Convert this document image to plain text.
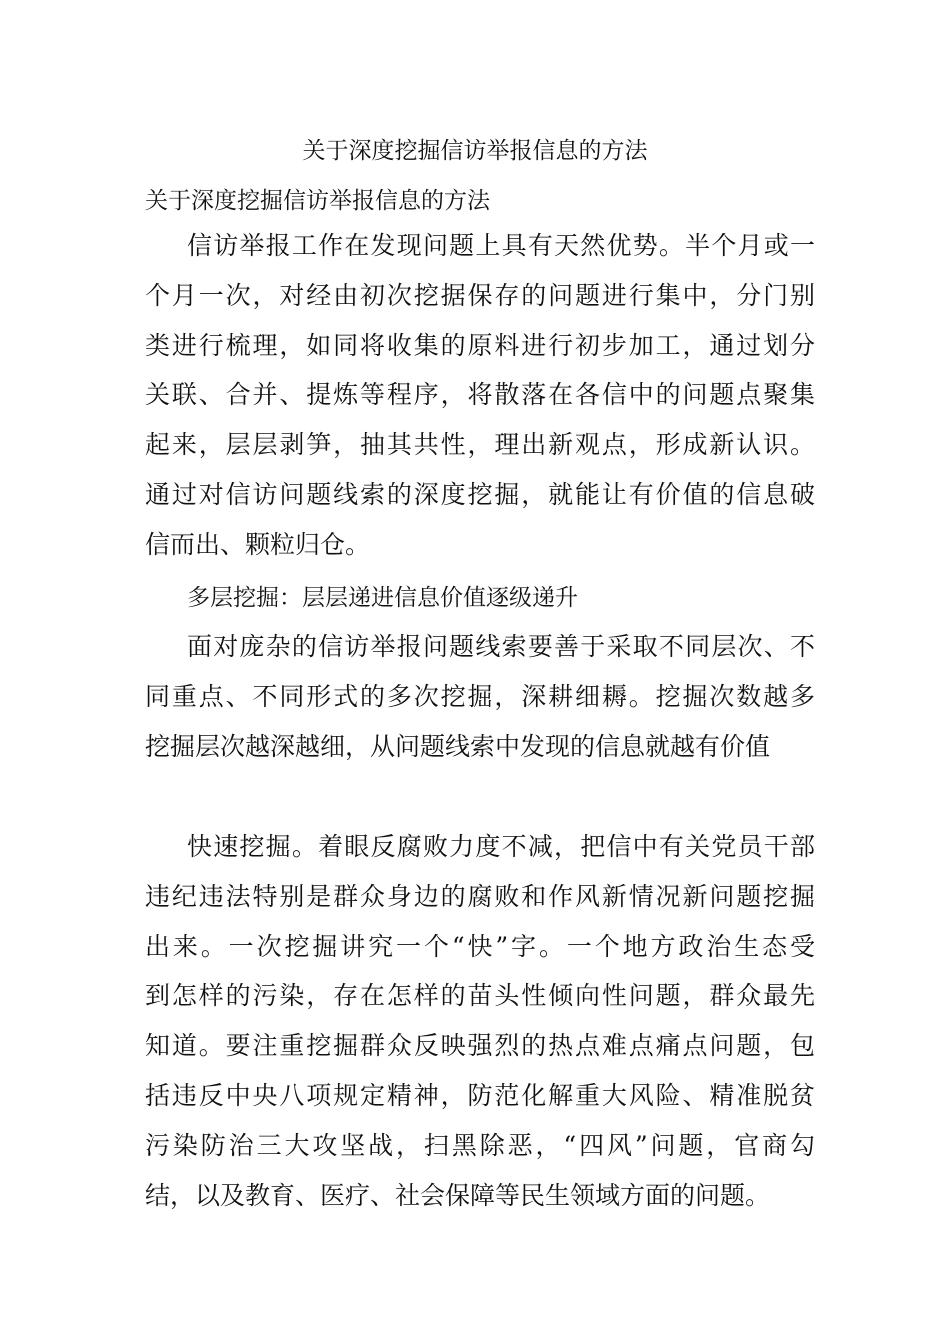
关于深度挖掘信访举报信息的方法
关于深度挖掘信访举报信息的方法
信访举报工作在发现问题上具有天然优势。半个月或一
个月一次，对经由初次挖据保存的问题进行集中，分门别
类进行梳理，如同将收集的原料进行初步加工，通过划分
关联、合并、提炼等程序，将散落在各信中的问题点聚集
起来，层层剥笋，抽其共性，理出新观点，形成新认识。
通过对信访问题线索的深度挖掘，就能让有价值的信息破
信而出、颗粒归仓。
多层挖掘：层层递进信息价值逐级递升
面对庞杂的信访举报问题线索要善于采取不同层次、不
同重点、不同形式的多次挖掘，深耕细耨。挖掘次数越多
挖掘层次越深越细，从问题线索中发现的信息就越有价值
快速挖掘。着眼反腐败力度不减，把信中有关党员干部
违纪违法特别是群众身边的腐败和作风新情况新问题挖掘
出来。一次挖掘讲究一个“快”字。一个地方政治生态受
到怎样的污染，存在怎样的苗头性倾向性问题，群众最先
知道。要注重挖掘群众反映强烈的热点难点痛点问题，包
括违反中央八项规定精神，防范化解重大风险、精准脱贫
污染防治三大攻坚战，扫黑除恶，“四风”问题，官商勾
结，以及教育、医疗、社会保障等民生领域方面的问题。
